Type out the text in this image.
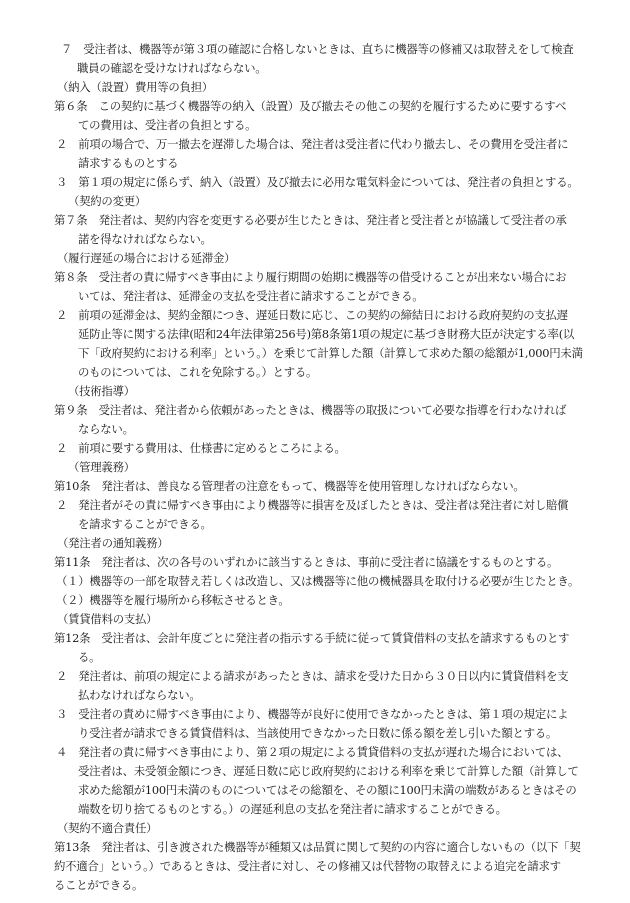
７　受注者は、機器等が第３項の確認に合格しないときは、直ちに機器等の修補又は取替えをして検査
職員の確認を受けなければならない。
（納入（設置）費用等の負担）
第６条　この契約に基づく機器等の納入（設置）及び撤去その他この契約を履行するために要するすべ
ての費用は、受注者の負担とする。
２　前項の場合で、万一撤去を遅滞した場合は、発注者は受注者に代わり撤去し、その費用を受注者に
請求するものとする
３　第１項の規定に係らず、納入（設置）及び撤去に必用な電気料金については、発注者の負担とする。
（契約の変更）
第７条　発注者は、契約内容を変更する必要が生じたときは、発注者と受注者とが協議して受注者の承
諾を得なければならない。
（履行遅延の場合における延滞金）
第８条　受注者の責に帰すべき事由により履行期間の始期に機器等の借受けることが出来ない場合にお
いては、発注者は、延滞金の支払を受注者に請求することができる。
２　前項の延滞金は、契約金額につき、遅延日数に応じ、この契約の締結日における政府契約の支払遅
延防止等に関する法律(昭和24年法律第256号)第8条第1項の規定に基づき財務大臣が決定する率(以
下「政府契約における利率」という。）を乗じて計算した額（計算して求めた額の総額が1,000円未満
のものについては、これを免除する。）とする。
（技術指導）
第９条　受注者は、発注者から依頼があったときは、機器等の取扱について必要な指導を行わなければ
ならない。
２　前項に要する費用は、仕様書に定めるところによる。
（管理義務）
第10条　発注者は、善良なる管理者の注意をもって、機器等を使用管理しなければならない。
２　発注者がその責に帰すべき事由により機器等に損害を及ぼしたときは、受注者は発注者に対し賠償
を請求することができる。
（発注者の通知義務）
第11条　発注者は、次の各号のいずれかに該当するときは、事前に受注者に協議をするものとする。
（１）機器等の一部を取替え若しくは改造し、又は機器等に他の機械器具を取付ける必要が生じたとき。
（２）機器等を履行場所から移転させるとき。
（賃貸借料の支払）
第12条　受注者は、会計年度ごとに発注者の指示する手続に従って賃貸借料の支払を請求するものとす
る。
２　発注者は、前項の規定による請求があったときは、請求を受けた日から３０日以内に賃貸借料を支
払わなければならない。
３　受注者の責めに帰すべき事由により、機器等が良好に使用できなかったときは、第１項の規定によ
り受注者が請求できる賃貸借料は、当該使用できなかった日数に係る額を差し引いた額とする。
４　発注者の責に帰すべき事由により、第２項の規定による賃貸借料の支払が遅れた場合においては、
受注者は、未受領金額につき、遅延日数に応じ政府契約における利率を乗じて計算した額（計算して
求めた総額が100円未満のものについてはその総額を、その額に100円未満の端数があるときはその
端数を切り捨てるものとする。）の遅延利息の支払を発注者に請求することができる。
（契約不適合責任）
第13条　発注者は、引き渡された機器等が種類又は品質に関して契約の内容に適合しないもの（以下「契
約不適合」という。）であるときは、受注者に対し、その修補又は代替物の取替えによる追完を請求す
ることができる。
